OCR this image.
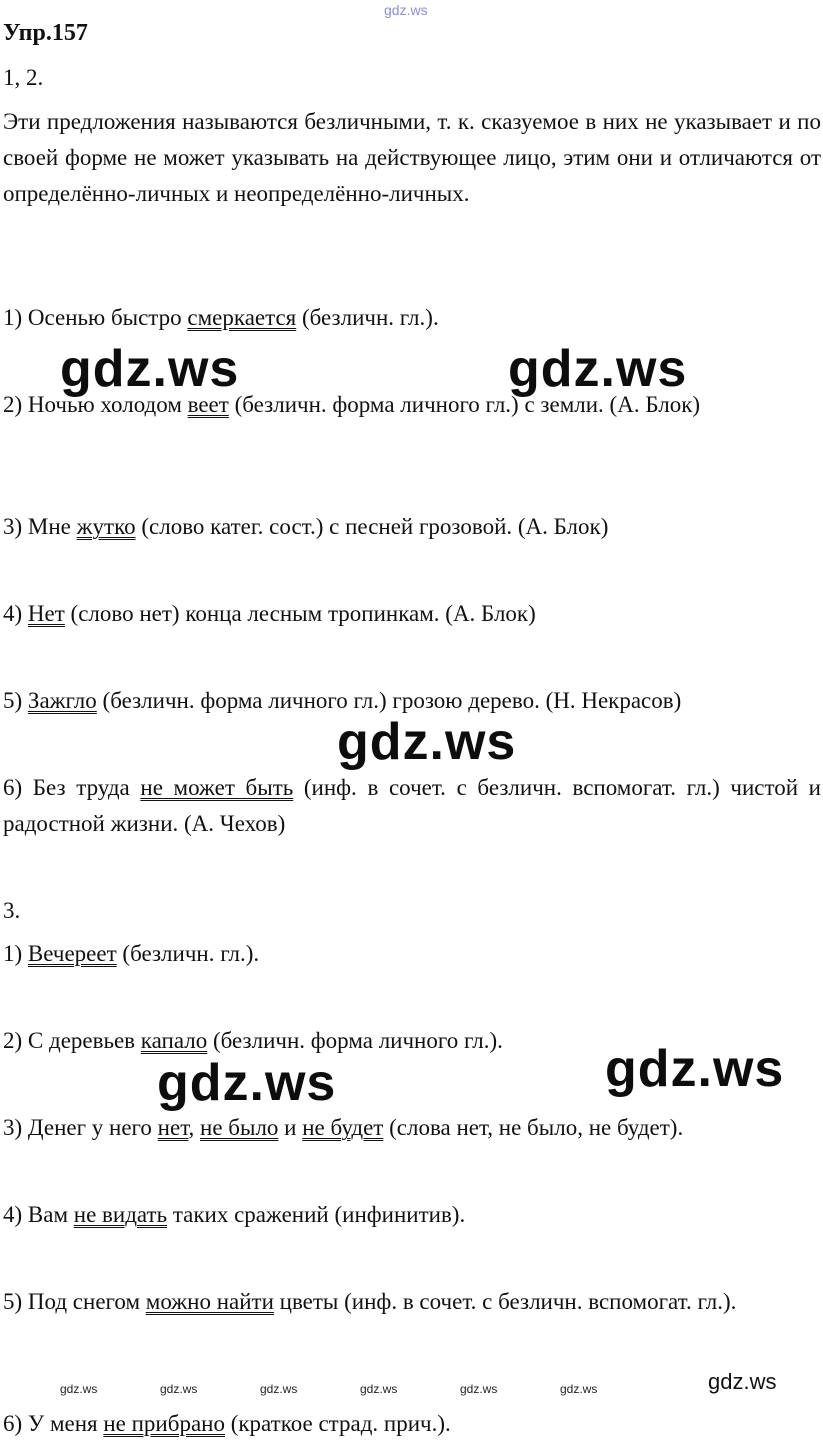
gdz.ws
Упр.157

1, 2.

Эти предложения называются безличными, т. к. сказуемое в них не указывает и по своей форме не может указывать на действующее лицо, этим они и отличаются от определённо-личных и неопределённо-личных.

1) Осенью быстро смеркается (безличн. гл.).

2) Ночью холодом веет (безличн. форма личного гл.) с земли. (А. Блок)

3) Мне жутко (слово катег. сост.) с песней грозовой. (А. Блок)

4) Нет (слово нет) конца лесным тропинкам. (А. Блок)

5) Зажгло (безличн. форма личного гл.) грозою дерево. (Н. Некрасов)

6) Без труда не может быть (инф. в сочет. с безличн. вспомогат. гл.) чистой и радостной жизни. (А. Чехов)

3.

1) Вечереет (безличн. гл.).

2) С деревьев капало (безличн. форма личного гл.).

3) Денег у него нет, не было и не будет (слова нет, не было, не будет).

4) Вам не видать таких сражений (инфинитив).

5) Под снегом можно найти цветы (инф. в сочет. с безличн. вспомогат. гл.).

6) У меня не прибрано (краткое страд. прич.).

gdz.ws	gdz.ws
gdz.ws
gdz.ws	gdz.ws
gdz.ws	gdz.ws	gdz.ws	gdz.ws	gdz.ws	gdz.ws	gdz.ws
